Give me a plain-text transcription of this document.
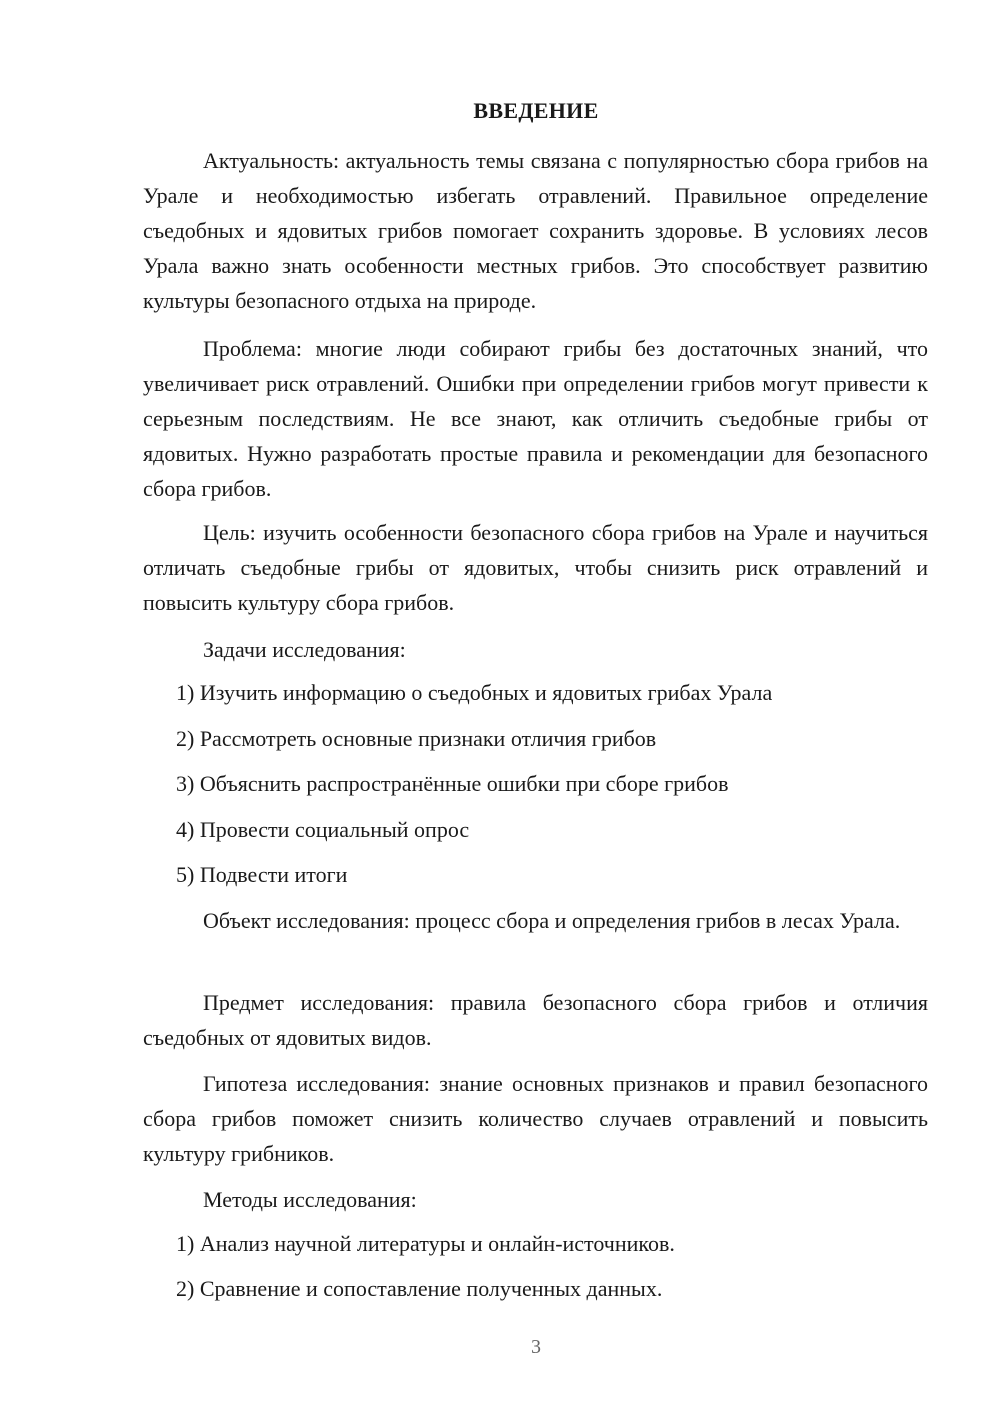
ВВЕДЕНИЕ

Актуальность: актуальность темы связана с популярностью сбора грибов на Урале и необходимостью избегать отравлений. Правильное определение съедобных и ядовитых грибов помогает сохранить здоровье. В условиях лесов Урала важно знать особенности местных грибов. Это способствует развитию культуры безопасного отдыха на природе.

Проблема: многие люди собирают грибы без достаточных знаний, что увеличивает риск отравлений. Ошибки при определении грибов могут привести к серьезным последствиям. Не все знают, как отличить съедобные грибы от ядовитых. Нужно разработать простые правила и рекомендации для безопасного сбора грибов.

Цель: изучить особенности безопасного сбора грибов на Урале и научиться отличать съедобные грибы от ядовитых, чтобы снизить риск отравлений и повысить культуру сбора грибов.

Задачи исследования:

1) Изучить информацию о съедобных и ядовитых грибах Урала

2) Рассмотреть основные признаки отличия грибов

3) Объяснить распространённые ошибки при сборе грибов

4) Провести социальный опрос

5) Подвести итоги

Объект исследования: процесс сбора и определения грибов в лесах Урала.

Предмет исследования: правила безопасного сбора грибов и отличия съедобных от ядовитых видов.

Гипотеза исследования: знание основных признаков и правил безопасного сбора грибов поможет снизить количество случаев отравлений и повысить культуру грибников.

Методы исследования:

1) Анализ научной литературы и онлайн-источников.

2) Сравнение и сопоставление полученных данных.

3
